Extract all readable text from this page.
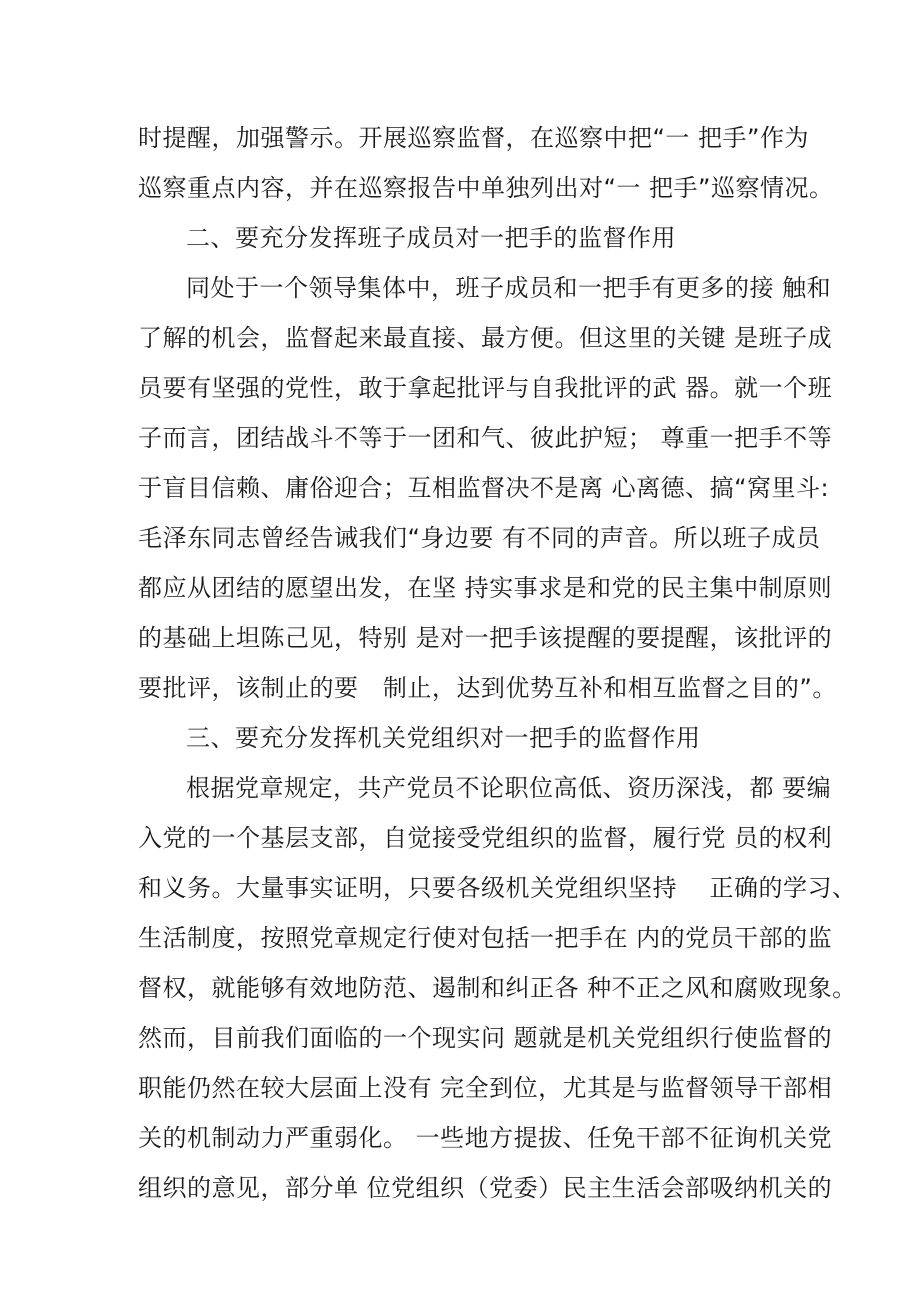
时提醒，加强警示。开展巡察监督，在巡察中把“一 把手”作为
巡察重点内容，并在巡察报告中单独列出对“一 把手”巡察情况。
二、要充分发挥班子成员对一把手的监督作用
同处于一个领导集体中，班子成员和一把手有更多的接 触和
了解的机会，监督起来最直接、最方便。但这里的关键 是班子成
员要有坚强的党性，敢于拿起批评与自我批评的武 器。就一个班
子而言，团结战斗不等于一团和气、彼此护短； 尊重一把手不等
于盲目信赖、庸俗迎合；互相监督决不是离 心离德、搞“窝里斗:
毛泽东同志曾经告诫我们“身边要 有不同的声音。所以班子成员
都应从团结的愿望出发，在坚 持实事求是和党的民主集中制原则
的基础上坦陈己见，特别 是对一把手该提醒的要提醒，该批评的
要批评，该制止的要   制止，达到优势互补和相互监督之目的”。
三、要充分发挥机关党组织对一把手的监督作用
根据党章规定，共产党员不论职位高低、资历深浅，都 要编
入党的一个基层支部，自觉接受党组织的监督，履行党 员的权利
和义务。大量事实证明，只要各级机关党组织坚持    正确的学习、
生活制度，按照党章规定行使对包括一把手在 内的党员干部的监
督权，就能够有效地防范、遏制和纠正各 种不正之风和腐败现象。
然而，目前我们面临的一个现实问 题就是机关党组织行使监督的
职能仍然在较大层面上没有 完全到位，尤其是与监督领导干部相
关的机制动力严重弱化。 一些地方提拔、任免干部不征询机关党
组织的意见，部分单 位党组织（党委）民主生活会部吸纳机关的
